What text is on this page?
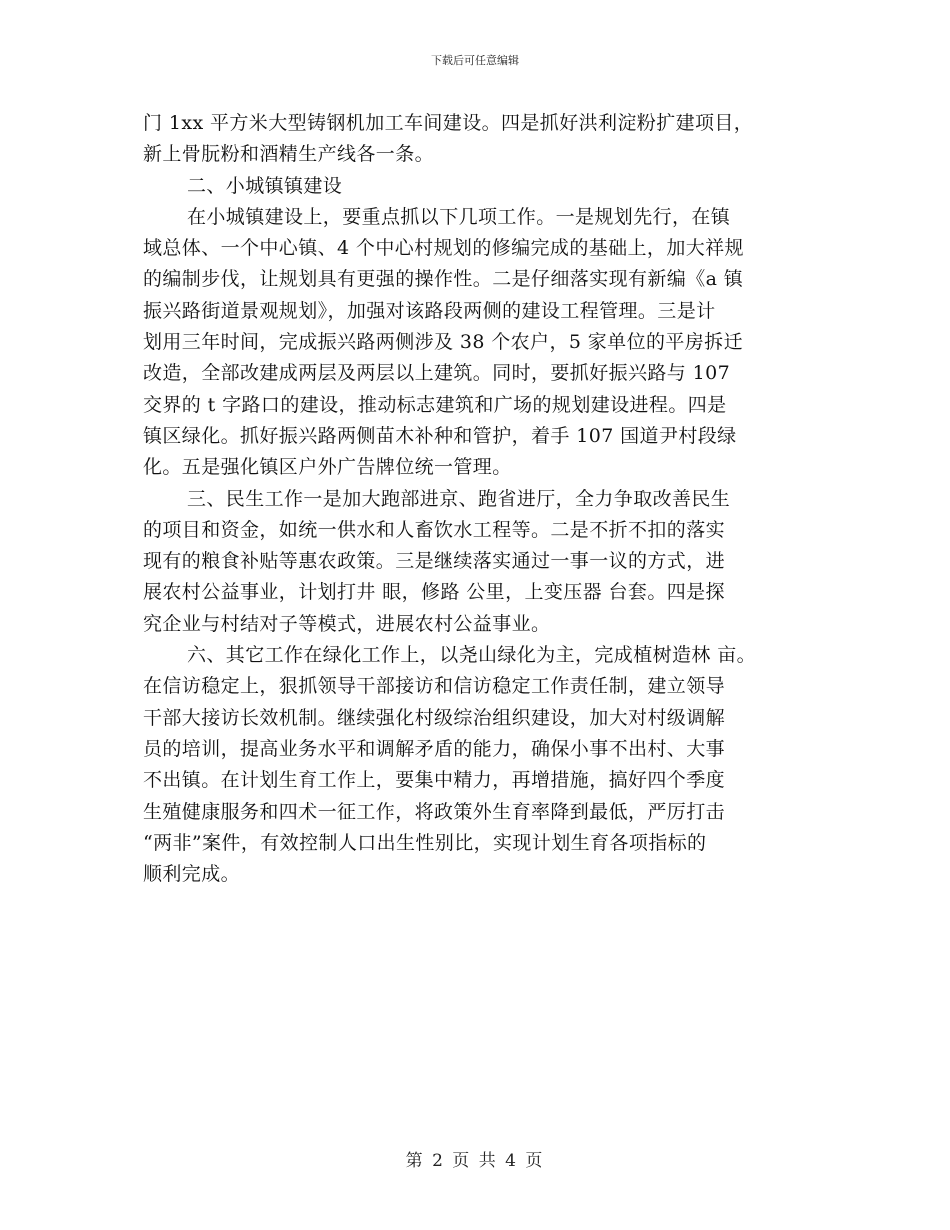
下载后可任意编辑
门 1xx 平方米大型铸钢机加工车间建设。四是抓好洪利淀粉扩建项目，
新上骨朊粉和酒精生产线各一条。
二、小城镇镇建设
在小城镇建设上，要重点抓以下几项工作。一是规划先行，在镇
域总体、一个中心镇、4 个中心村规划的修编完成的基础上，加大祥规
的编制步伐，让规划具有更强的操作性。二是仔细落实现有新编《a 镇
振兴路街道景观规划》，加强对该路段两侧的建设工程管理。三是计
划用三年时间，完成振兴路两侧涉及 38 个农户，5 家单位的平房拆迁
改造，全部改建成两层及两层以上建筑。同时，要抓好振兴路与 107
交界的 t 字路口的建设，推动标志建筑和广场的规划建设进程。四是
镇区绿化。抓好振兴路两侧苗木补种和管护，着手 107 国道尹村段绿
化。五是强化镇区户外广告牌位统一管理。
三、民生工作一是加大跑部进京、跑省进厅，全力争取改善民生
的项目和资金，如统一供水和人畜饮水工程等。二是不折不扣的落实
现有的粮食补贴等惠农政策。三是继续落实通过一事一议的方式，进
展农村公益事业，计划打井 眼，修路 公里，上变压器 台套。四是探
究企业与村结对子等模式，进展农村公益事业。
六、其它工作在绿化工作上，以尧山绿化为主，完成植树造林 亩。
在信访稳定上，狠抓领导干部接访和信访稳定工作责任制，建立领导
干部大接访长效机制。继续强化村级综治组织建设，加大对村级调解
员的培训，提高业务水平和调解矛盾的能力，确保小事不出村、大事
不出镇。在计划生育工作上，要集中精力，再增措施，搞好四个季度
生殖健康服务和四术一征工作，将政策外生育率降到最低，严厉打击
“两非”案件，有效控制人口出生性别比，实现计划生育各项指标的
顺利完成。
第 2 页 共 4 页
